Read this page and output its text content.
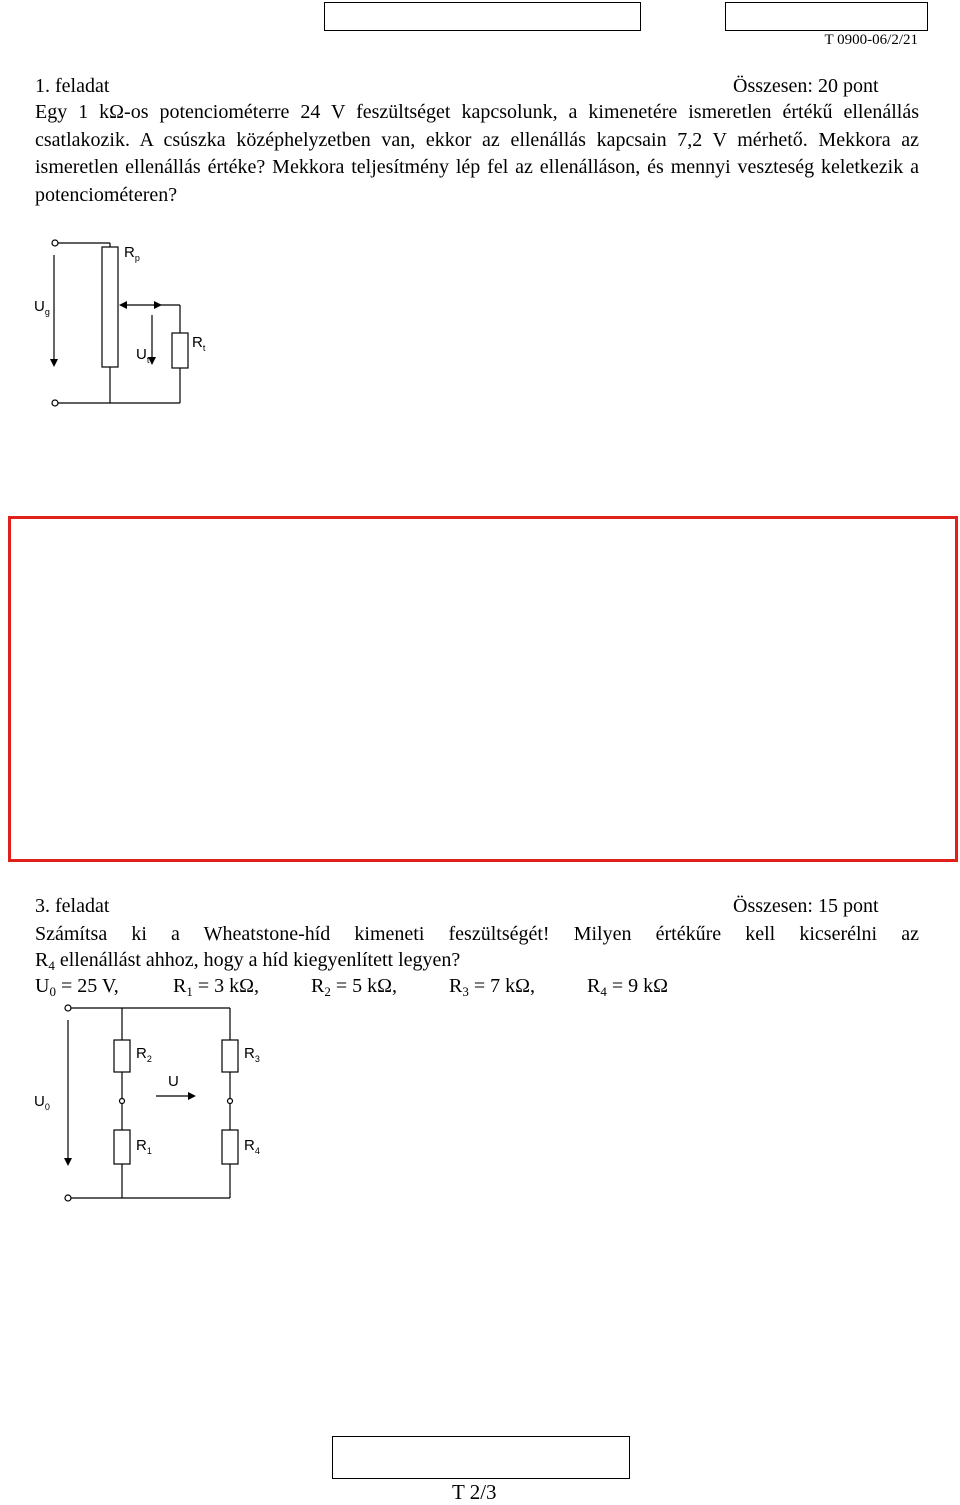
T 0900-06/2/21
1. feladat	Összesen: 20 pont
Egy 1 kΩ-os potenciométerre 24 V feszültséget kapcsolunk, a kimenetére ismeretlen értékű ellenállás csatlakozik. A csúszka középhelyzetben van, ekkor az ellenállás kapcsain 7,2 V mérhető. Mekkora az ismeretlen ellenállás értéke? Mekkora teljesítmény lép fel az ellenálláson, és mennyi veszteség keletkezik a potenciométeren?
$R_p$
$U_g$
$U_t$
$R_t$
3. feladat	Összesen: 15 pont
Számítsa ki a Wheatstone-híd kimeneti feszültségét! Milyen értékűre kell kicserélni az
$R_4$ ellenállást ahhoz, hogy a híd kiegyenlített legyen?
$U_0 = 25$ V,	$R_1 = 3$ kΩ,	$R_2 = 5$ kΩ,	$R_3 = 7$ kΩ,	$R_4 = 9$ kΩ
$R_2$	$R_3$
U
$U_0$
$R_1$	$R_4$
T 2/3
